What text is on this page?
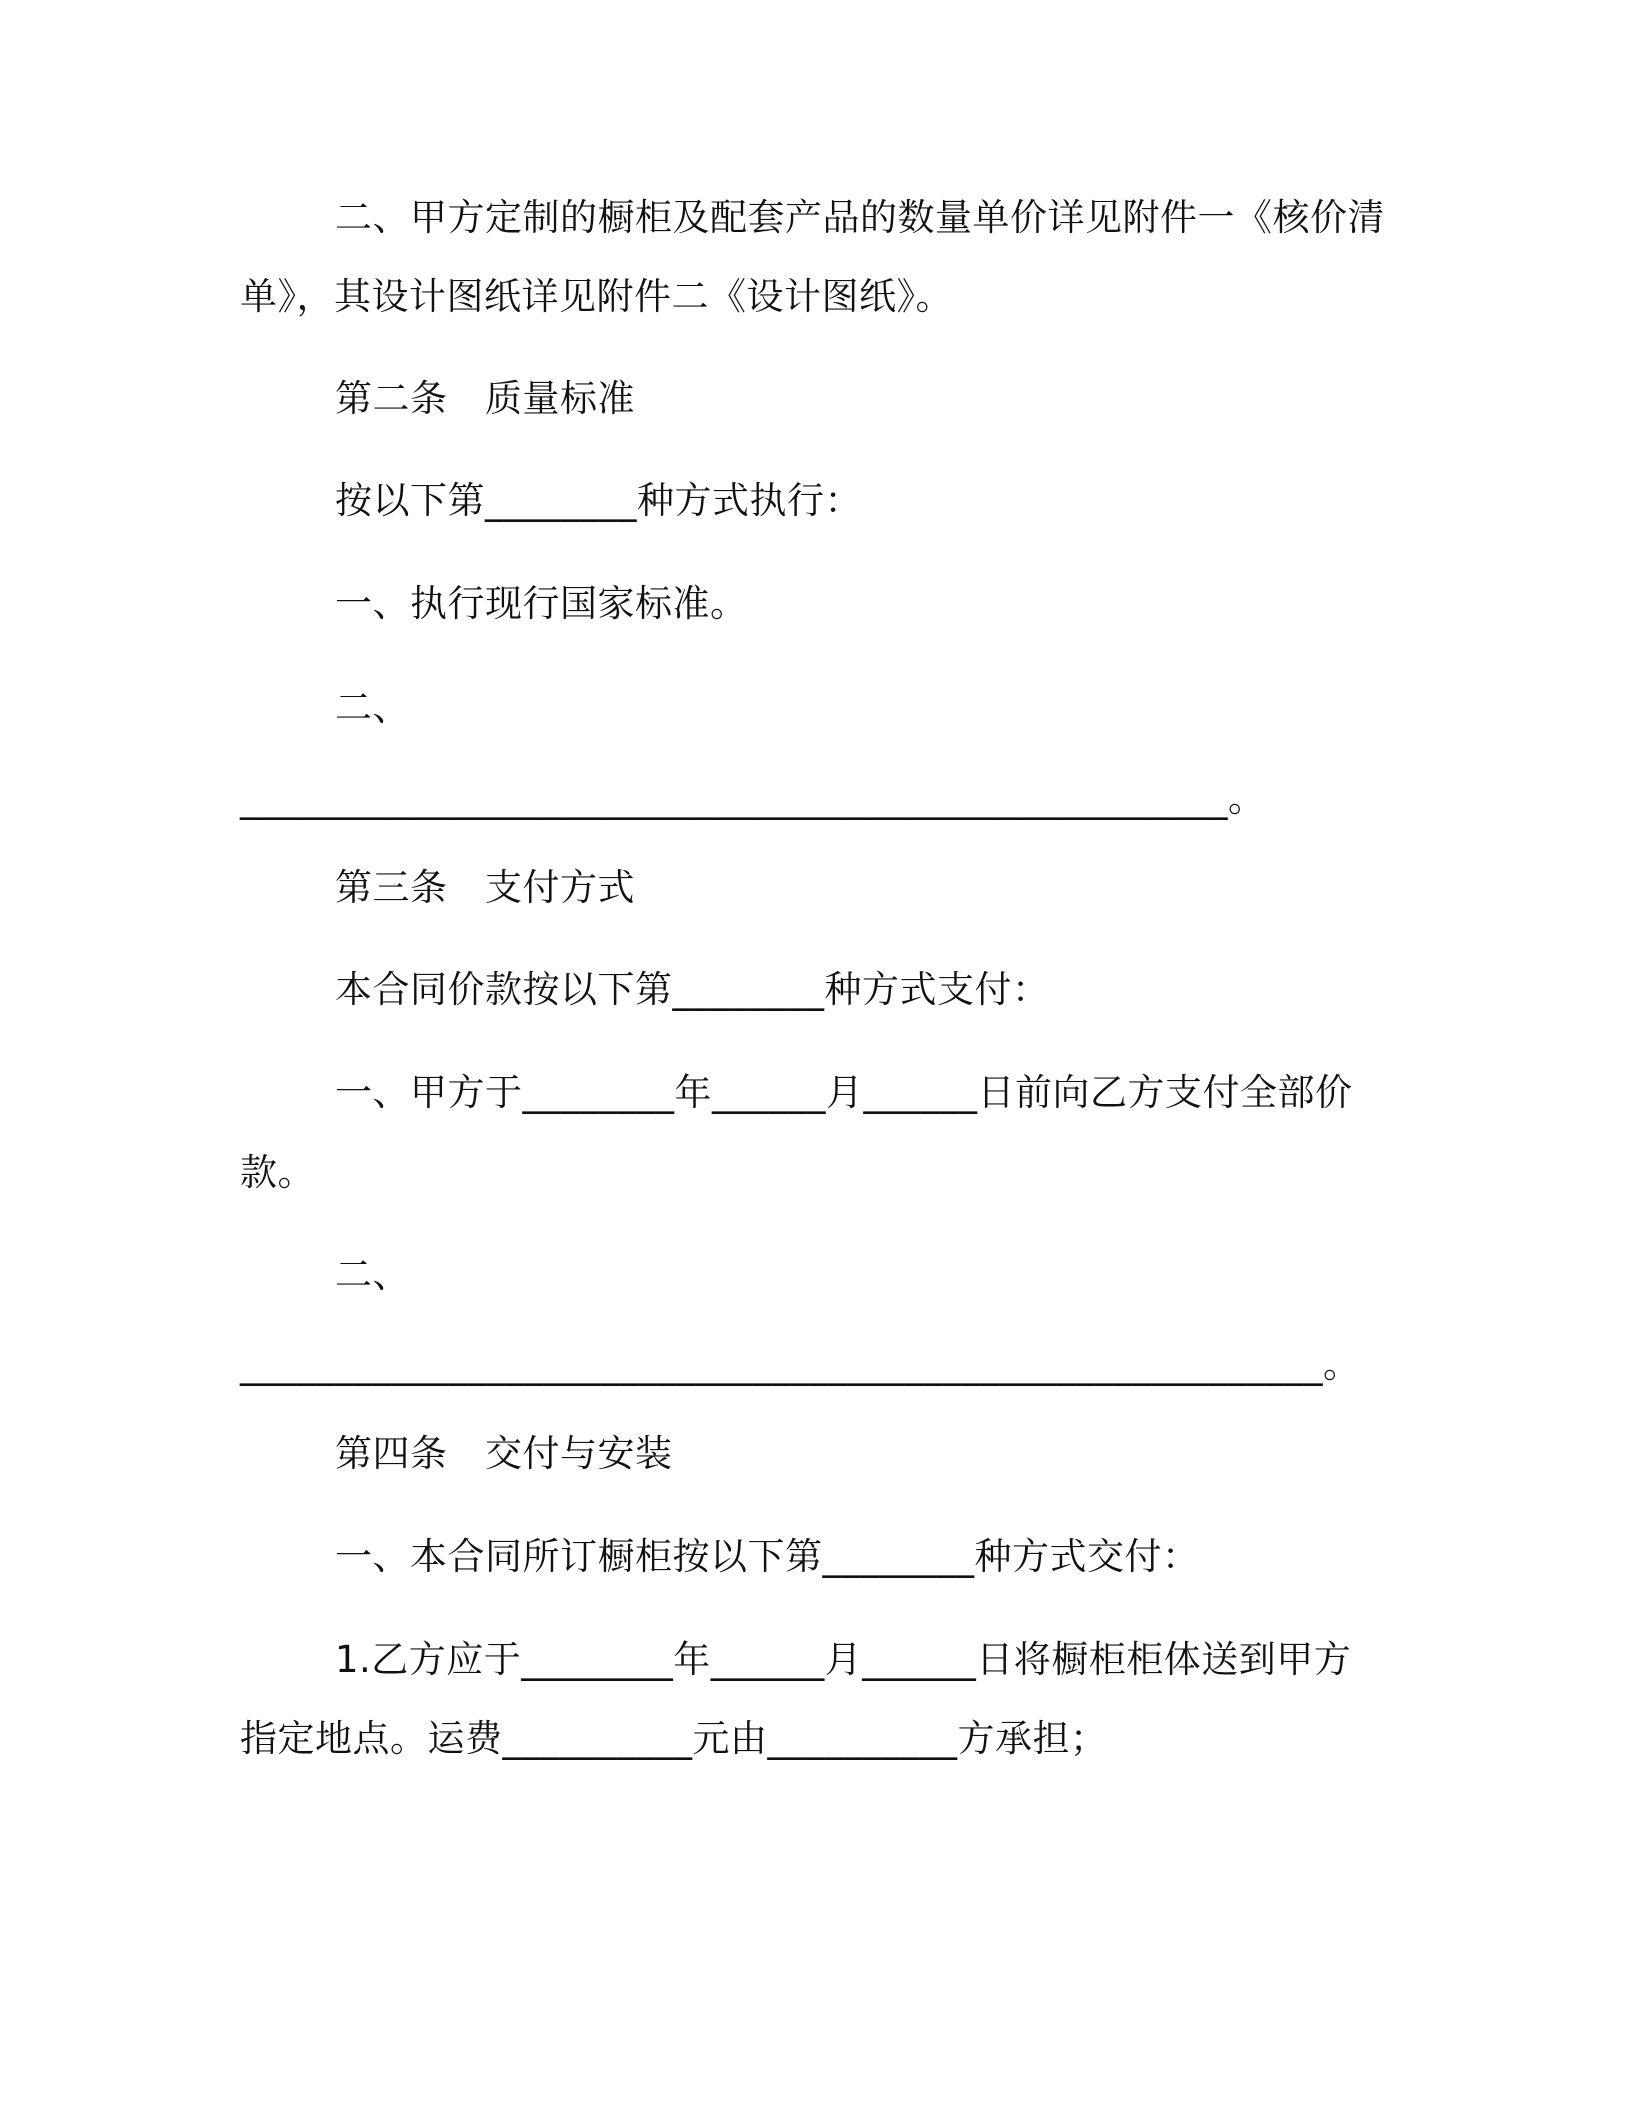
二、甲方定制的橱柜及配套产品的数量单价详见附件一《核价清
单》，其设计图纸详见附件二《设计图纸》。
第二条　质量标准
按以下第________种方式执行：
一、执行现行国家标准。
二、
____________________________________________________。
第三条　支付方式
本合同价款按以下第________种方式支付：
一、甲方于________年______月______日前向乙方支付全部价
款。
二、
_________________________________________________________。
第四条　交付与安装
一、本合同所订橱柜按以下第________种方式交付：
1.乙方应于________年______月______日将橱柜柜体送到甲方
指定地点。运费__________元由__________方承担；
